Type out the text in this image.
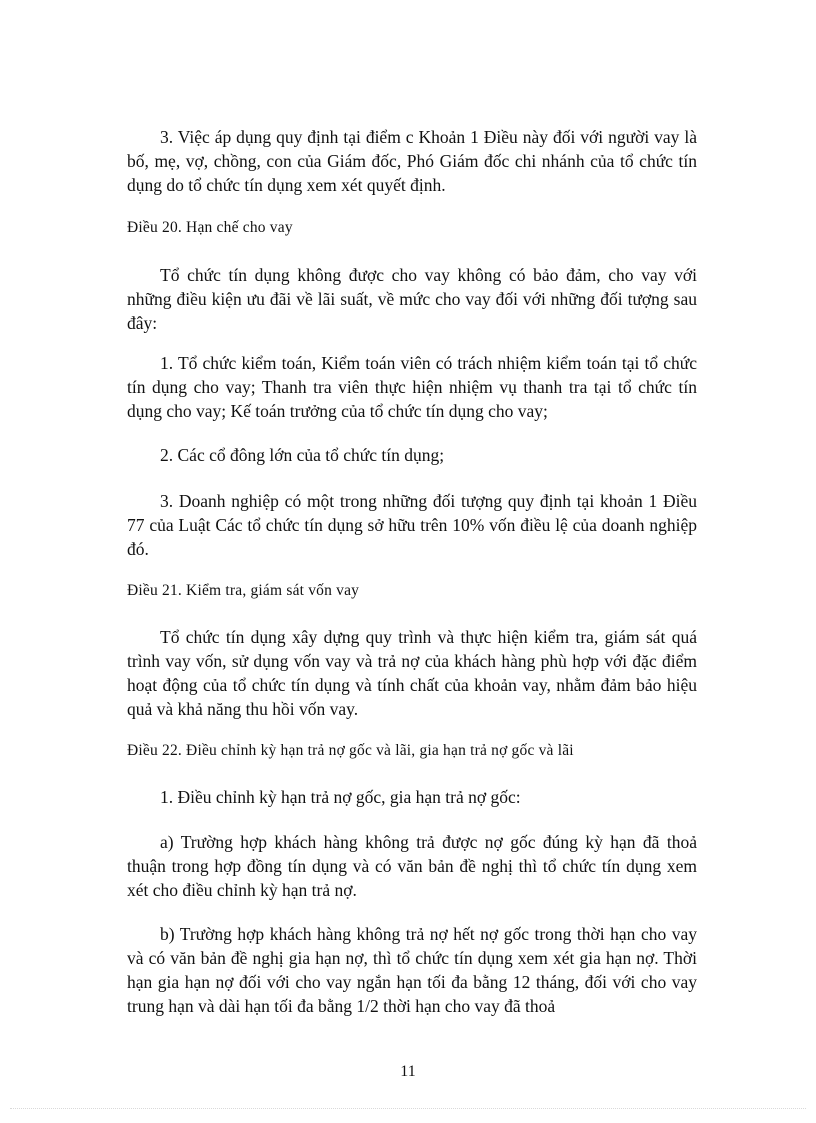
3. Việc áp dụng quy định tại điểm c Khoản 1 Điều này đối với người vay là bố, mẹ, vợ, chồng, con của Giám đốc, Phó Giám đốc chi nhánh của tổ chức tín dụng do tổ chức tín dụng xem xét quyết định.

Điều 20. Hạn chế cho vay

Tổ chức tín dụng không được cho vay không có bảo đảm, cho vay với những điều kiện ưu đãi về lãi suất, về mức cho vay đối với những đối tượng sau đây:

1. Tổ chức kiểm toán, Kiểm toán viên có trách nhiệm kiểm toán tại tổ chức tín dụng cho vay; Thanh tra viên thực hiện nhiệm vụ thanh tra tại tổ chức tín dụng cho vay; Kế toán trưởng của tổ chức tín dụng cho vay;

2. Các cổ đông lớn của tổ chức tín dụng;

3. Doanh nghiệp có một trong những đối tượng quy định tại khoản 1 Điều 77 của Luật Các tổ chức tín dụng sở hữu trên 10% vốn điều lệ của doanh nghiệp đó.

Điều 21. Kiểm tra, giám sát vốn vay

Tổ chức tín dụng xây dựng quy trình và thực hiện kiểm tra, giám sát quá trình vay vốn, sử dụng vốn vay và trả nợ của khách hàng phù hợp với đặc điểm hoạt động của tổ chức tín dụng và tính chất của khoản vay, nhằm đảm bảo hiệu quả và khả năng thu hồi vốn vay.

Điều 22. Điều chỉnh kỳ hạn trả nợ gốc và lãi, gia hạn trả nợ gốc và lãi

1. Điều chỉnh kỳ hạn trả nợ gốc, gia hạn trả nợ gốc:

a) Trường hợp khách hàng không trả được nợ gốc đúng kỳ hạn đã thoả thuận trong hợp đồng tín dụng và có văn bản đề nghị thì tổ chức tín dụng xem xét cho điều chỉnh kỳ hạn trả nợ.

b) Trường hợp khách hàng không trả nợ hết nợ gốc trong thời hạn cho vay và có văn bản đề nghị gia hạn nợ, thì tổ chức tín dụng xem xét gia hạn nợ. Thời hạn gia hạn nợ đối với cho vay ngắn hạn tối đa bằng 12 tháng, đối với cho vay trung hạn và dài hạn tối đa bằng 1/2 thời hạn cho vay đã thoả

11
